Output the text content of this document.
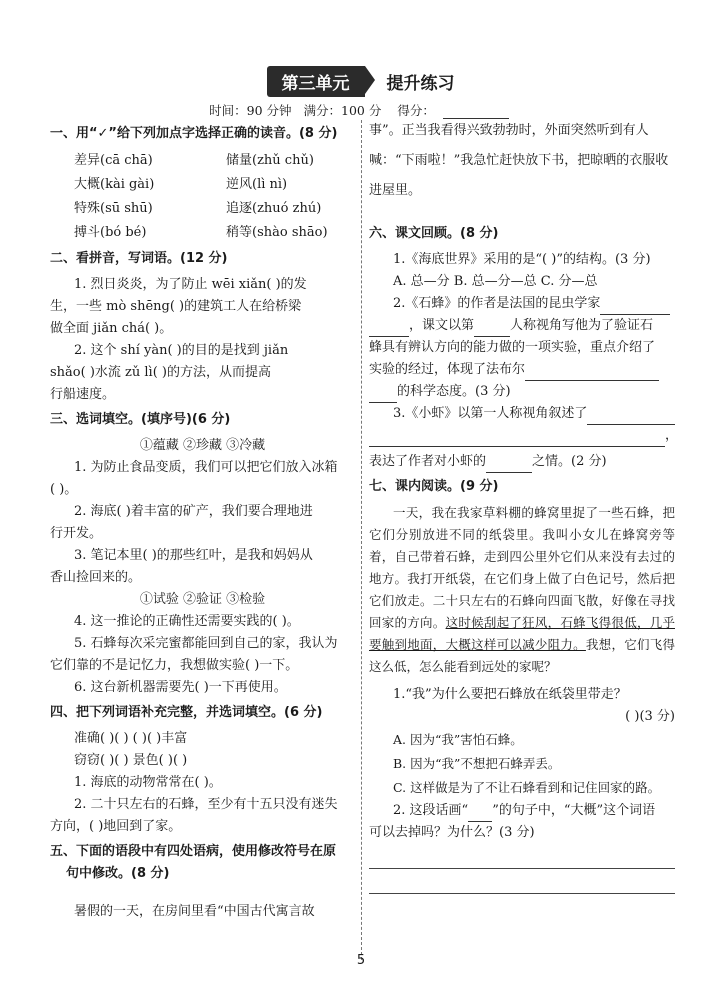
第三单元 提升练习
时间：90 分钟 满分：100 分 得分：
一、用“✓”给下列加点字选择正确的读音。(8 分)
差异(cā chā)	储量(zhǔ chǔ)
大概(kài gài)	逆风(lì nì)
特殊(sū shū)	追逐(zhuó zhú)
搏斗(bó bé)	稍等(shào shāo)
二、看拼音，写词语。(12 分)
1. 烈日炎炎，为了防止 wēi xiǎn( )的发
生，一些 mò shēng( )的建筑工人在给桥梁
做全面 jiǎn chá( )。
2. 这个 shí yàn( )的目的是找到 jiǎn
shǎo( )水流 zǔ lì( )的方法，从而提高
行船速度。
三、选词填空。(填序号)(6 分)
①蕴藏 ②珍藏 ③冷藏
1. 为防止食品变质，我们可以把它们放入冰箱
( )。
2. 海底( )着丰富的矿产，我们要合理地进
行开发。
3. 笔记本里( )的那些红叶，是我和妈妈从
香山捡回来的。
①试验 ②验证 ③检验
4. 这一推论的正确性还需要实践的( )。
5. 石蜂每次采完蜜都能回到自己的家，我认为
它们靠的不是记忆力，我想做实验( )一下。
6. 这台新机器需要先( )一下再使用。
四、把下列词语补充完整，并选词填空。(6 分)
准确( )( ) ( )( )丰富
窃窃( )( ) 景色( )( )
1. 海底的动物常常在( )。
2. 二十只左右的石蜂，至少有十五只没有迷失
方向，( )地回到了家。
五、下面的语段中有四处语病，使用修改符号在原
句中修改。(8 分)
暑假的一天，在房间里看“中国古代寓言故
事”。正当我看得兴致勃勃时，外面突然听到有人
喊：“下雨啦！”我急忙赶快放下书，把晾晒的衣服收
进屋里。
六、课文回顾。(8 分)
1.《海底世界》采用的是“( )”的结构。(3 分)
A. 总—分 B. 总—分—总 C. 分—总
2.《石蜂》的作者是法国的昆虫学家
，课文以第	人称视角写他为了验证石
蜂具有辨认方向的能力做的一项实验，重点介绍了
实验的经过，体现了法布尔
的科学态度。(3 分)
3.《小虾》以第一人称视角叙述了
，
表达了作者对小虾的	之情。(2 分)
七、课内阅读。(9 分)
一天，我在我家草料棚的蜂窝里捉了一些石蜂，把它们分别放进不同的纸袋里。我叫小女儿在蜂窝旁等着，自己带着石蜂，走到四公里外它们从来没有去过的地方。我打开纸袋，在它们身上做了白色记号，然后把它们放走。二十只左右的石蜂向四面飞散，好像在寻找回家的方向。这时候刮起了狂风，石蜂飞得很低，几乎要触到地面，大概这样可以减少阻力。我想，它们飞得这么低，怎么能看到远处的家呢？
1.“我”为什么要把石蜂放在纸袋里带走？
( )(3 分)
A. 因为“我”害怕石蜂。
B. 因为“我”不想把石蜂弄丢。
C. 这样做是为了不让石蜂看到和记住回家的路。
2. 这段话画“ ”的句子中，“大概”这个词语
可以去掉吗？为什么？(3 分)
5
